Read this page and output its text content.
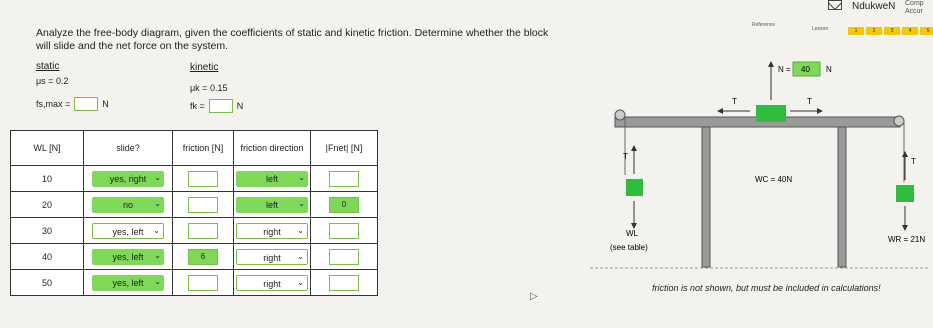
NdukweN Comp
Accur
Reference
Lesson	1	2	3	4	5
Analyze the free-body diagram, given the coefficients of static and kinetic friction. Determine whether the block will slide and the net force on the system.
static	kinetic
μs = 0.2
μk = 0.15
fs,max =	N	fk =	N
WL [N]	slide?	friction [N]	friction direction	|Fnet| [N]
10	yes, right ⌄		left ⌄	

20	no ⌄		left ⌄	0
30	yes, left ⌄		right ⌄	

40	yes, left ⌄	6	right ⌄	

50	yes, left ⌄		right ⌄	

N = 40 N
T	T
T
T
WC = 40N
WL
(see table)
WR = 21N
friction is not shown, but must be included in calculations!
▷
